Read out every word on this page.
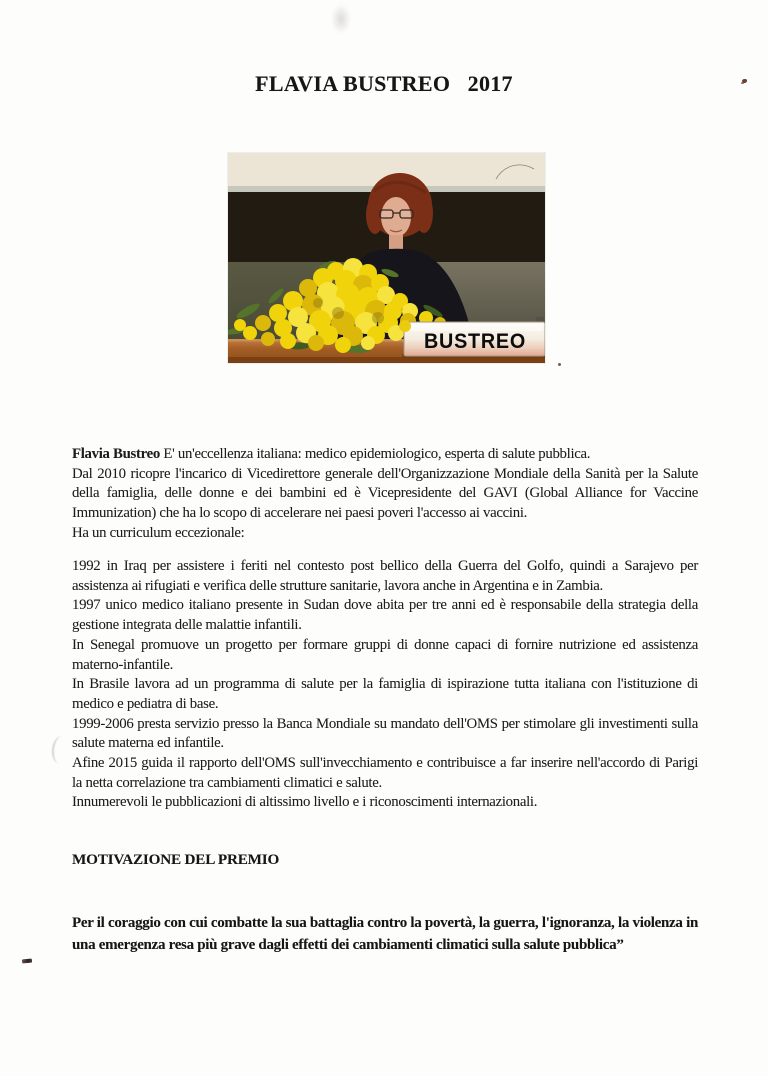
FLAVIA BUSTREO   2017
BUSTREO

Flavia Bustreo E' un'eccellenza italiana: medico epidemiologico, esperta di salute pubblica.

Dal 2010 ricopre l'incarico di Vicedirettore generale dell'Organizzazione Mondiale della Sanità per la Salute della famiglia, delle donne e dei bambini ed è Vicepresidente del GAVI (Global Alliance for Vaccine Immunization) che ha lo scopo di accelerare nei paesi poveri l'accesso ai vaccini.

Ha un curriculum eccezionale:

1992 in Iraq per assistere i feriti nel contesto post bellico della Guerra del Golfo, quindi a Sarajevo per assistenza ai rifugiati e verifica delle strutture sanitarie, lavora anche in Argentina e in Zambia.

1997 unico medico italiano presente in Sudan dove abita per tre anni ed è responsabile della strategia della gestione integrata delle malattie infantili.

In Senegal promuove un progetto per formare gruppi di donne capaci di fornire nutrizione ed assistenza materno-infantile.

In Brasile lavora ad un programma di salute per la famiglia di ispirazione tutta italiana con l'istituzione di medico e pediatra di base.

1999-2006 presta servizio presso la Banca Mondiale su mandato dell'OMS per stimolare gli investimenti sulla salute materna ed infantile.

Afine 2015 guida il rapporto dell'OMS sull'invecchiamento e contribuisce a far inserire nell'accordo di Parigi la netta correlazione tra cambiamenti climatici e salute.

Innumerevoli le pubblicazioni di altissimo livello e i riconoscimenti internazionali.

MOTIVAZIONE DEL PREMIO

Per il coraggio con cui combatte la sua battaglia contro la povertà, la guerra, l'ignoranza, la violenza in una emergenza resa più grave dagli effetti dei cambiamenti climatici sulla salute pubblica”
